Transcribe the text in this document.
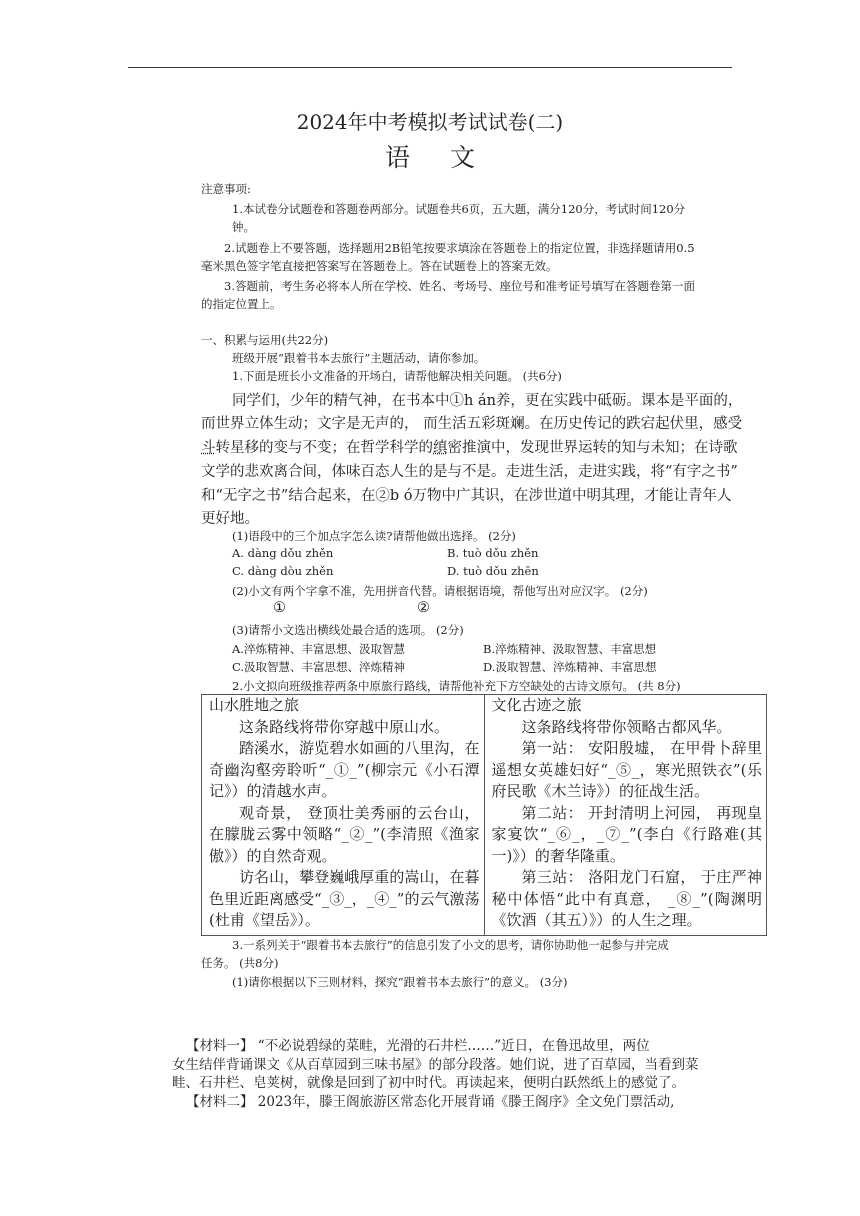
2024年中考模拟考试试卷(二)
语 文
注意事项:
1.本试卷分试题卷和答题卷两部分。试题卷共6页，五大题，满分120分，考试时间120分
钟。
2.试题卷上不要答题，选择题用2B铅笔按要求填涂在答题卷上的指定位置，非选择题请用0.5
毫米黑色签字笔直接把答案写在答题卷上。答在试题卷上的答案无效。
3.答题前，考生务必将本人所在学校、姓名、考场号、座位号和准考证号填写在答题卷第一面
的指定位置上。
一、积累与运用(共22分)
班级开展“跟着书本去旅行”主题活动，请你参加。
1.下面是班长小文准备的开场白，请帮他解决相关问题。 (共6分)
同学们，少年的精气神，在书本中①h án养，更在实践中砥砺。课本是平面的，
而世界立体生动；文字是无声的， 而生活五彩斑斓。在历史传记的跌宕起伏里，感受
斗转星移的变与不变；在哲学科学的缜密推演中，发现世界运转的知与未知；在诗歌
文学的悲欢离合间，体味百态人生的是与不是。走进生活，走进实践，将“有字之书”
和“无字之书”结合起来，在②b ó万物中广其识，在涉世道中明其理，才能让青年人
更好地。
(1)语段中的三个加点字怎么读?请帮他做出选择。 (2分)
A. dàng dǒu zhěn	B. tuò dǒu zhěn
C. dàng dòu zhěn	D. tuò dǒu zhēn
(2)小文有两个字拿不准，先用拼音代替。请根据语境，帮他写出对应汉字。 (2分)
①	②
(3)请帮小文选出横线处最合适的选项。 (2分)
A.淬炼精神、丰富思想、汲取智慧	B.淬炼精神、汲取智慧、丰富思想
C.汲取智慧、丰富思想、淬炼精神	D.汲取智慧、淬炼精神、丰富思想
2.小文拟向班级推荐两条中原旅行路线，请帮他补充下方空缺处的古诗文原句。 (共 8分)
山水胜地之旅
这条路线将带你穿越中原山水。
踏溪水，游览碧水如画的八里沟，在奇幽沟壑旁聆听“_①_”(柳宗元《小石潭记》）的清越水声。
观奇景， 登顶壮美秀丽的云台山， 在朦胧云雾中领略“_②_”(李清照《渔家傲》）的自然奇观。
访名山，攀登巍峨厚重的嵩山，在暮色里近距离感受“_③_，_④_”的云气激荡(杜甫《望岳》）。

文化古迹之旅
这条路线将带你领略古都风华。
第一站： 安阳殷墟， 在甲骨卜辞里遥想女英雄妇好“_⑤_，寒光照铁衣”(乐府民歌《木兰诗》）的征战生活。
第二站： 开封清明上河园， 再现皇家宴饮“_⑥_，_⑦_”(李白《行路难(其一)》）的奢华隆重。
第三站： 洛阳龙门石窟， 于庄严神秘中体悟“此中有真意， _⑧_”(陶渊明《饮酒（其五）》）的人生之理。
3.一系列关于“跟着书本去旅行”的信息引发了小文的思考，请你协助他一起参与并完成
任务。 (共8分)
(1)请你根据以下三则材料，探究“跟着书本去旅行”的意义。 (3分)
【材料一】 “不必说碧绿的菜畦，光滑的石井栏……”近日，在鲁迅故里，两位
女生结伴背诵课文《从百草园到三味书屋》的部分段落。她们说，进了百草园，当看到菜
畦、石井栏、皂荚树，就像是回到了初中时代。再读起来，便明白跃然纸上的感觉了。
【材料二】 2023年，滕王阁旅游区常态化开展背诵《滕王阁序》全文免门票活动,
